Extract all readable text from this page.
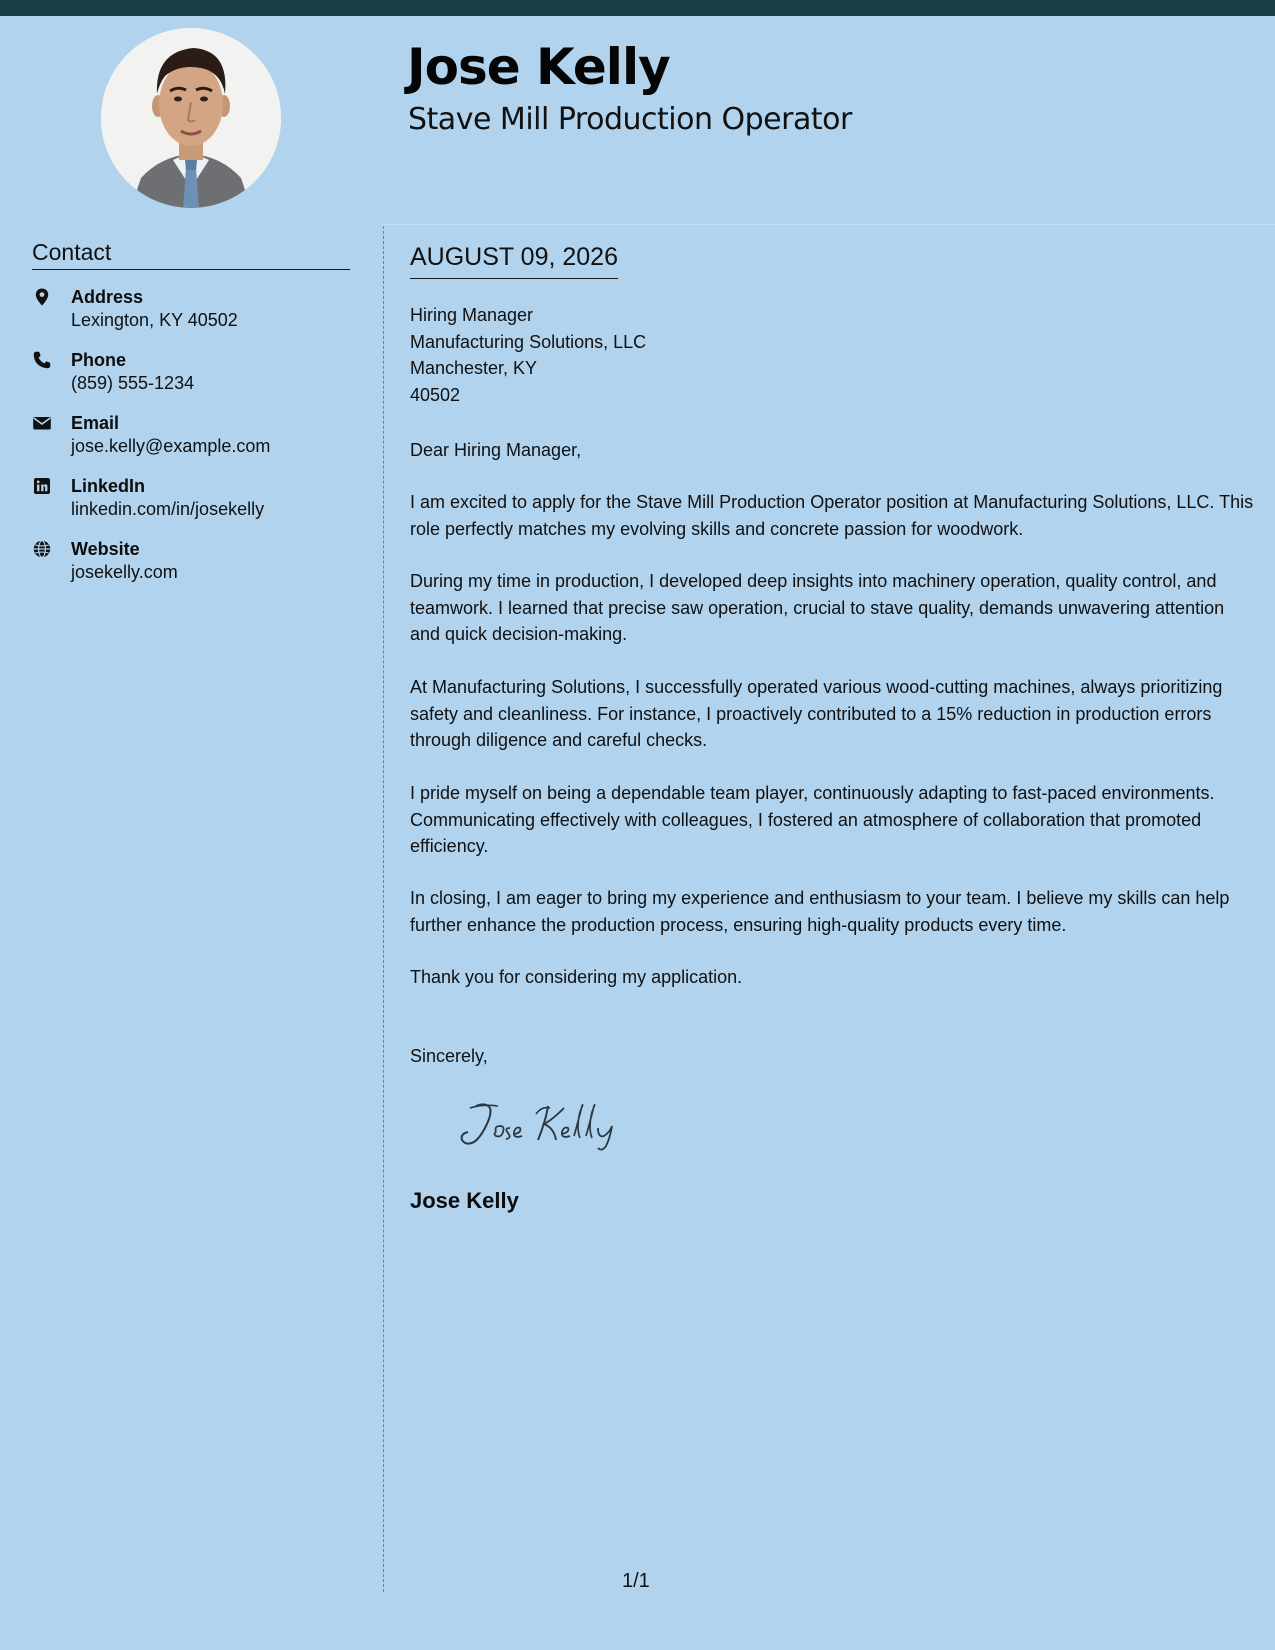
Jose Kelly
Stave Mill Production Operator
Contact
Address
Lexington, KY 40502
Phone
(859) 555-1234
Email
jose.kelly@example.com
LinkedIn
linkedin.com/in/josekelly
Website
josekelly.com
AUGUST 09, 2026
Hiring Manager
Manufacturing Solutions, LLC
Manchester, KY
40502

Dear Hiring Manager,

I am excited to apply for the Stave Mill Production Operator position at Manufacturing Solutions, LLC. This role perfectly matches my evolving skills and concrete passion for woodwork.

During my time in production, I developed deep insights into machinery operation, quality control, and teamwork. I learned that precise saw operation, crucial to stave quality, demands unwavering attention and quick decision-making.

At Manufacturing Solutions, I successfully operated various wood-cutting machines, always prioritizing safety and cleanliness. For instance, I proactively contributed to a 15% reduction in production errors through diligence and careful checks.

I pride myself on being a dependable team player, continuously adapting to fast-paced environments. Communicating effectively with colleagues, I fostered an atmosphere of collaboration that promoted efficiency.

In closing, I am eager to bring my experience and enthusiasm to your team. I believe my skills can help further enhance the production process, ensuring high-quality products every time.

Thank you for considering my application.

Sincerely,

Jose Kelly
1/1
